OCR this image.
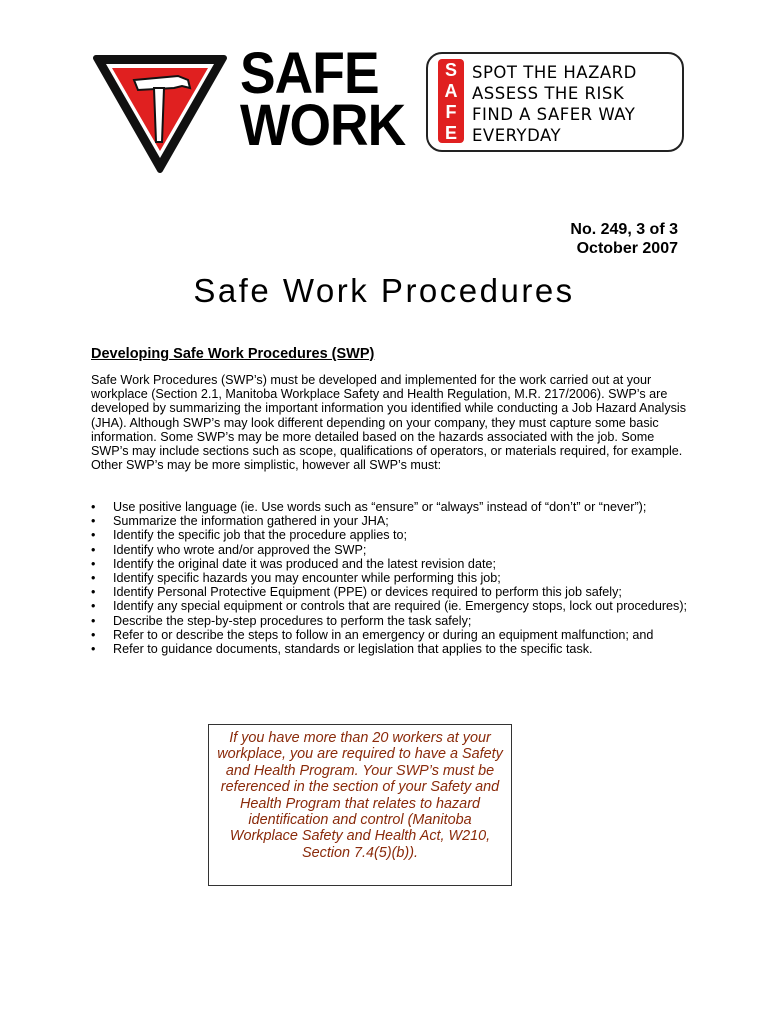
SAFE
WORK
S
A
F
E
SPOT THE HAZARD
ASSESS THE RISK
FIND A SAFER WAY
EVERYDAY
No. 249, 3 of 3
October 2007
Safe Work Procedures
Developing Safe Work Procedures (SWP)
Safe Work Procedures (SWP’s) must be developed and implemented for the work carried out at your workplace (Section 2.1, Manitoba Workplace Safety and Health Regulation, M.R. 217/2006). SWP’s are developed by summarizing the important information you identified while conducting a Job Hazard Analysis (JHA). Although SWP’s may look different depending on your company, they must capture some basic information. Some SWP’s may be more detailed based on the hazards associated with the job. Some SWP’s may include sections such as scope, qualifications of operators, or materials required, for example. Other SWP’s may be more simplistic, however all SWP’s must:
• Use positive language (ie. Use words such as “ensure” or “always” instead of “don’t” or “never”);
• Summarize the information gathered in your JHA;
• Identify the specific job that the procedure applies to;
• Identify who wrote and/or approved the SWP;
• Identify the original date it was produced and the latest revision date;
• Identify specific hazards you may encounter while performing this job;
• Identify Personal Protective Equipment (PPE) or devices required to perform this job safely;
• Identify any special equipment or controls that are required (ie. Emergency stops, lock out procedures);
• Describe the step-by-step procedures to perform the task safely;
• Refer to or describe the steps to follow in an emergency or during an equipment malfunction; and
• Refer to guidance documents, standards or legislation that applies to the specific task.
If you have more than 20 workers at your workplace, you are required to have a Safety and Health Program. Your SWP’s must be referenced in the section of your Safety and Health Program that relates to hazard identification and control (Manitoba Workplace Safety and Health Act, W210, Section 7.4(5)(b)).
